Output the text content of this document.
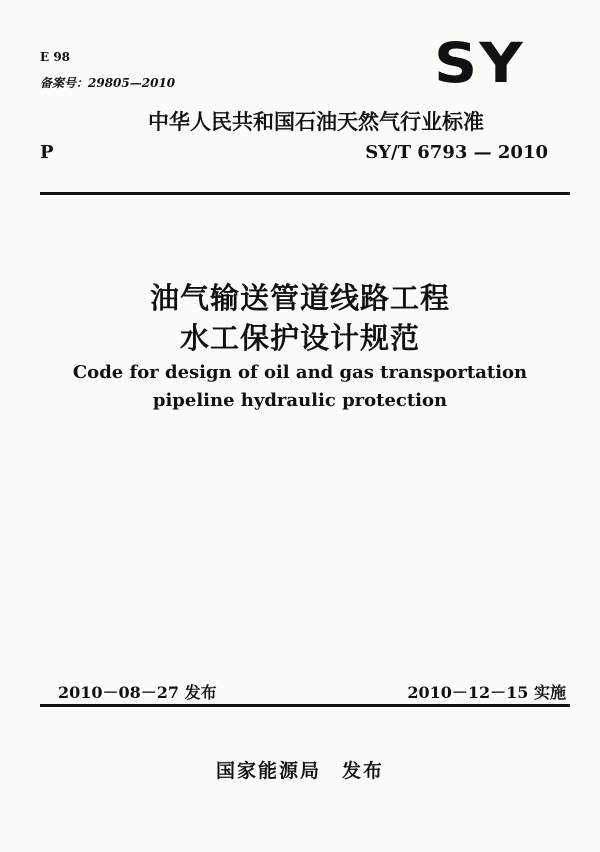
E 98
备案号：29805—2010	SY
中华人民共和国石油天然气行业标准
P	SY/T 6793 — 2010
油气输送管道线路工程
水工保护设计规范
Code for design of oil and gas transportation
pipeline hydraulic protection
2010－08－27 发布	2010－12－15 实施
国家能源局　发布
